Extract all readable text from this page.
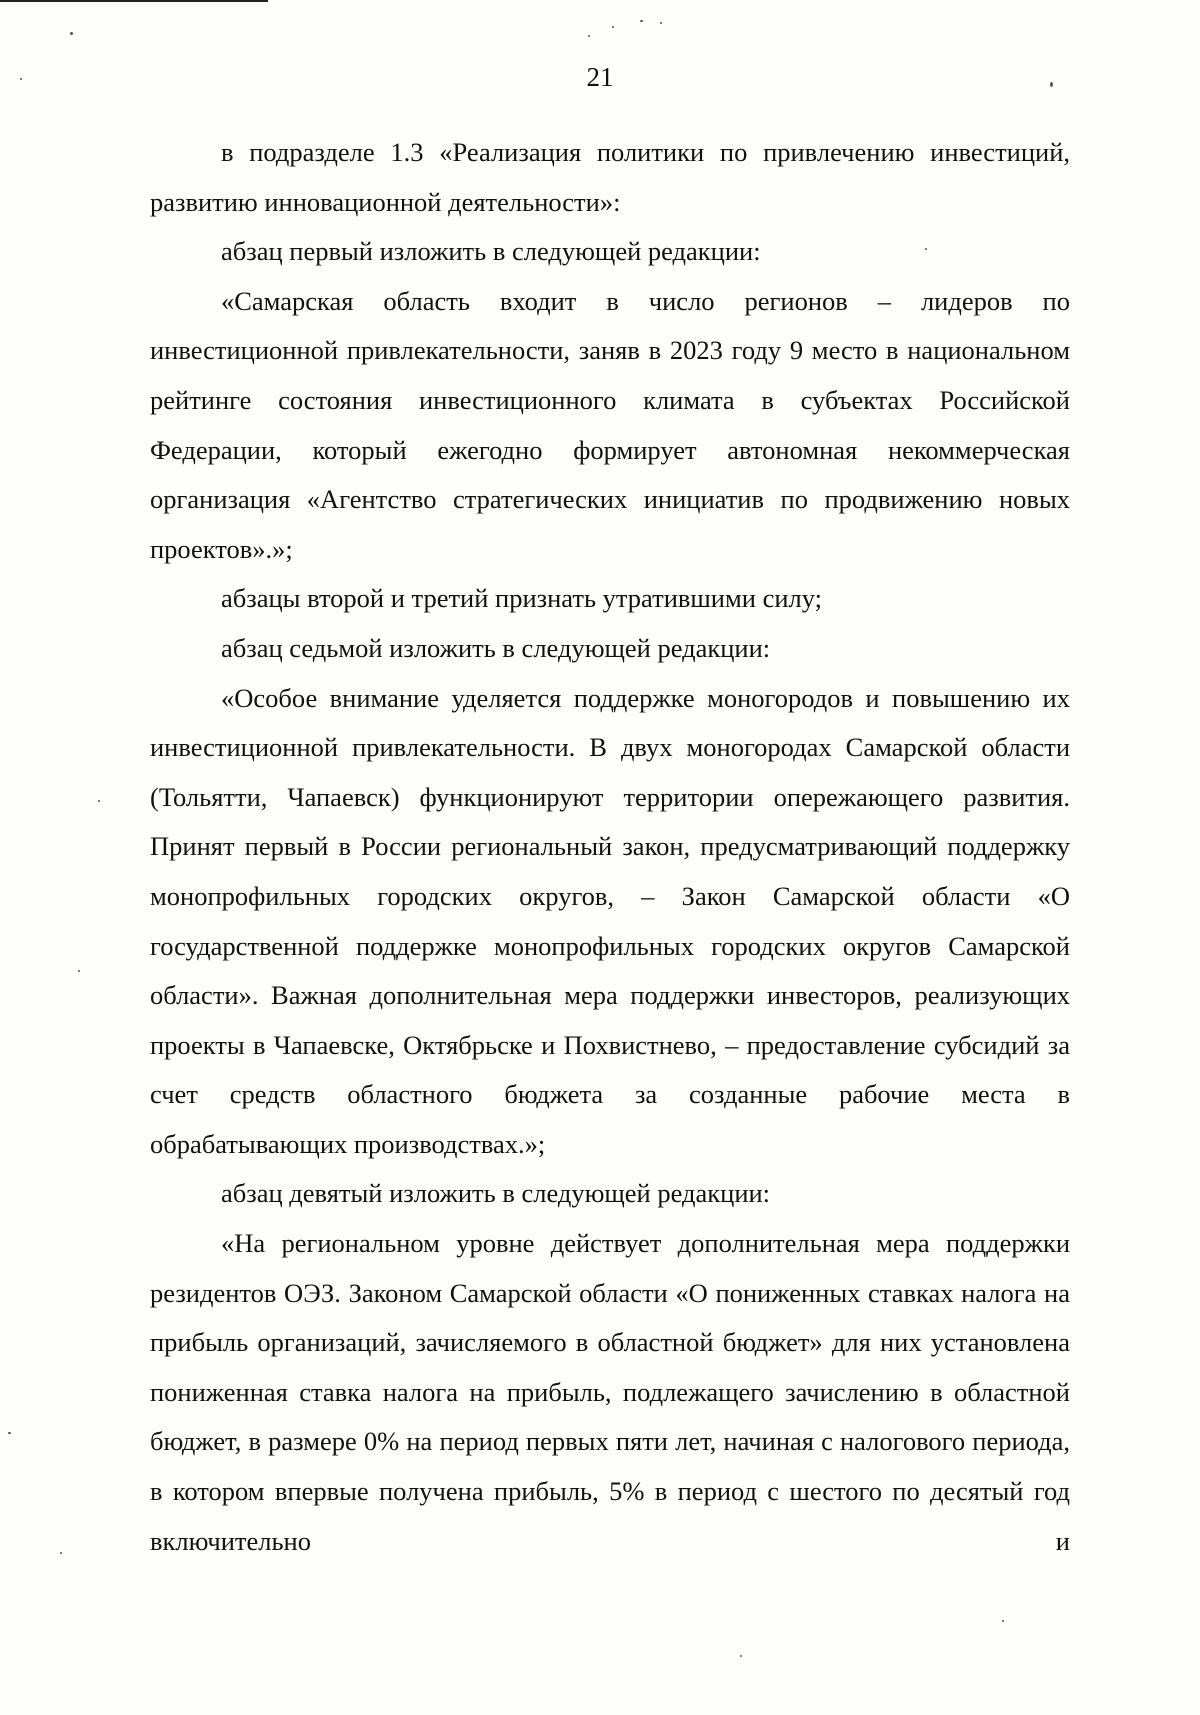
21

в подразделе 1.3 «Реализация политики по привлечению инвестиций, развитию инновационной деятельности»:

абзац первый изложить в следующей редакции:

«Самарская область входит в число регионов – лидеров по инвестиционной привлекательности, заняв в 2023 году 9 место в национальном рейтинге состояния инвестиционного климата в субъектах Российской Федерации, который ежегодно формирует автономная некоммерческая организация «Агентство стратегических инициатив по продвижению новых проектов».»;

абзацы второй и третий признать утратившими силу;

абзац седьмой изложить в следующей редакции:

«Особое внимание уделяется поддержке моногородов и повышению их инвестиционной привлекательности. В двух моногородах Самарской области (Тольятти, Чапаевск) функционируют территории опережающего развития. Принят первый в России региональный закон, предусматривающий поддержку монопрофильных городских округов, – Закон Самарской области «О государственной поддержке монопрофильных городских округов Самарской области». Важная дополнительная мера поддержки инвесторов, реализующих проекты в Чапаевске, Октябрьске и Похвистнево, – предоставление субсидий за счет средств областного бюджета за созданные рабочие места в обрабатывающих производствах.»;

абзац девятый изложить в следующей редакции:

«На региональном уровне действует дополнительная мера поддержки резидентов ОЭЗ. Законом Самарской области «О пониженных ставках налога на прибыль организаций, зачисляемого в областной бюджет» для них установлена пониженная ставка налога на прибыль, подлежащего зачислению в областной бюджет, в размере 0% на период первых пяти лет, начиная с налогового периода, в котором впервые получена прибыль, 5% в период с шестого по десятый год включительно и
